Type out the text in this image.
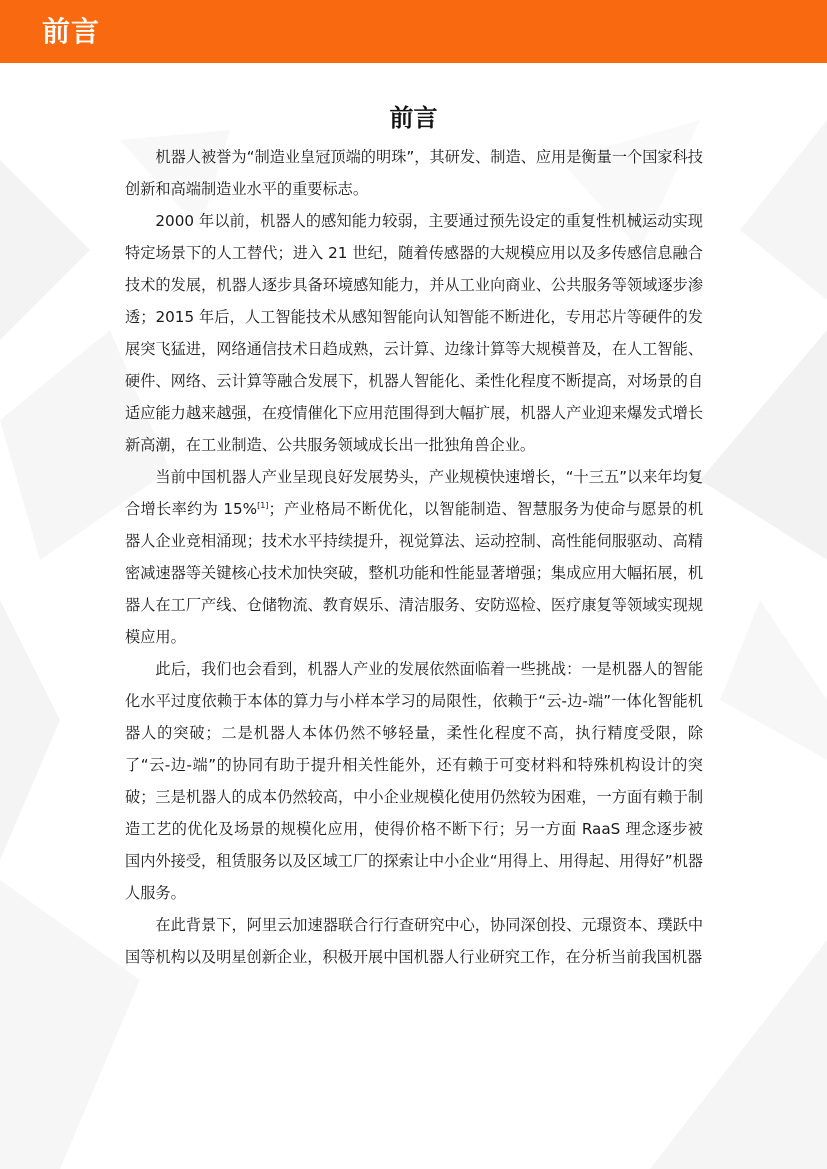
前言
前言

机器人被誉为“制造业皇冠顶端的明珠”，其研发、制造、应用是衡量一个国家科技创新和高端制造业水平的重要标志。

2000 年以前，机器人的感知能力较弱，主要通过预先设定的重复性机械运动实现特定场景下的人工替代；进入 21 世纪，随着传感器的大规模应用以及多传感信息融合技术的发展，机器人逐步具备环境感知能力，并从工业向商业、公共服务等领域逐步渗透；2015 年后，人工智能技术从感知智能向认知智能不断进化，专用芯片等硬件的发展突飞猛进，网络通信技术日趋成熟，云计算、边缘计算等大规模普及，在人工智能、硬件、网络、云计算等融合发展下，机器人智能化、柔性化程度不断提高，对场景的自适应能力越来越强，在疫情催化下应用范围得到大幅扩展，机器人产业迎来爆发式增长新高潮，在工业制造、公共服务领域成长出一批独角兽企业。

当前中国机器人产业呈现良好发展势头，产业规模快速增长，“十三五”以来年均复合增长率约为 15%[1]；产业格局不断优化，以智能制造、智慧服务为使命与愿景的机器人企业竞相涌现；技术水平持续提升，视觉算法、运动控制、高性能伺服驱动、高精密减速器等关键核心技术加快突破，整机功能和性能显著增强；集成应用大幅拓展，机器人在工厂产线、仓储物流、教育娱乐、清洁服务、安防巡检、医疗康复等领域实现规模应用。

此后，我们也会看到，机器人产业的发展依然面临着一些挑战：一是机器人的智能化水平过度依赖于本体的算力与小样本学习的局限性，依赖于“云-边-端”一体化智能机器人的突破；二是机器人本体仍然不够轻量，柔性化程度不高，执行精度受限，除了“云-边-端”的协同有助于提升相关性能外，还有赖于可变材料和特殊机构设计的突破；三是机器人的成本仍然较高，中小企业规模化使用仍然较为困难，一方面有赖于制造工艺的优化及场景的规模化应用，使得价格不断下行；另一方面 RaaS 理念逐步被国内外接受，租赁服务以及区域工厂的探索让中小企业“用得上、用得起、用得好”机器人服务。

在此背景下，阿里云加速器联合行行查研究中心，协同深创投、元璟资本、璞跃中国等机构以及明星创新企业，积极开展中国机器人行业研究工作，在分析当前我国机器
